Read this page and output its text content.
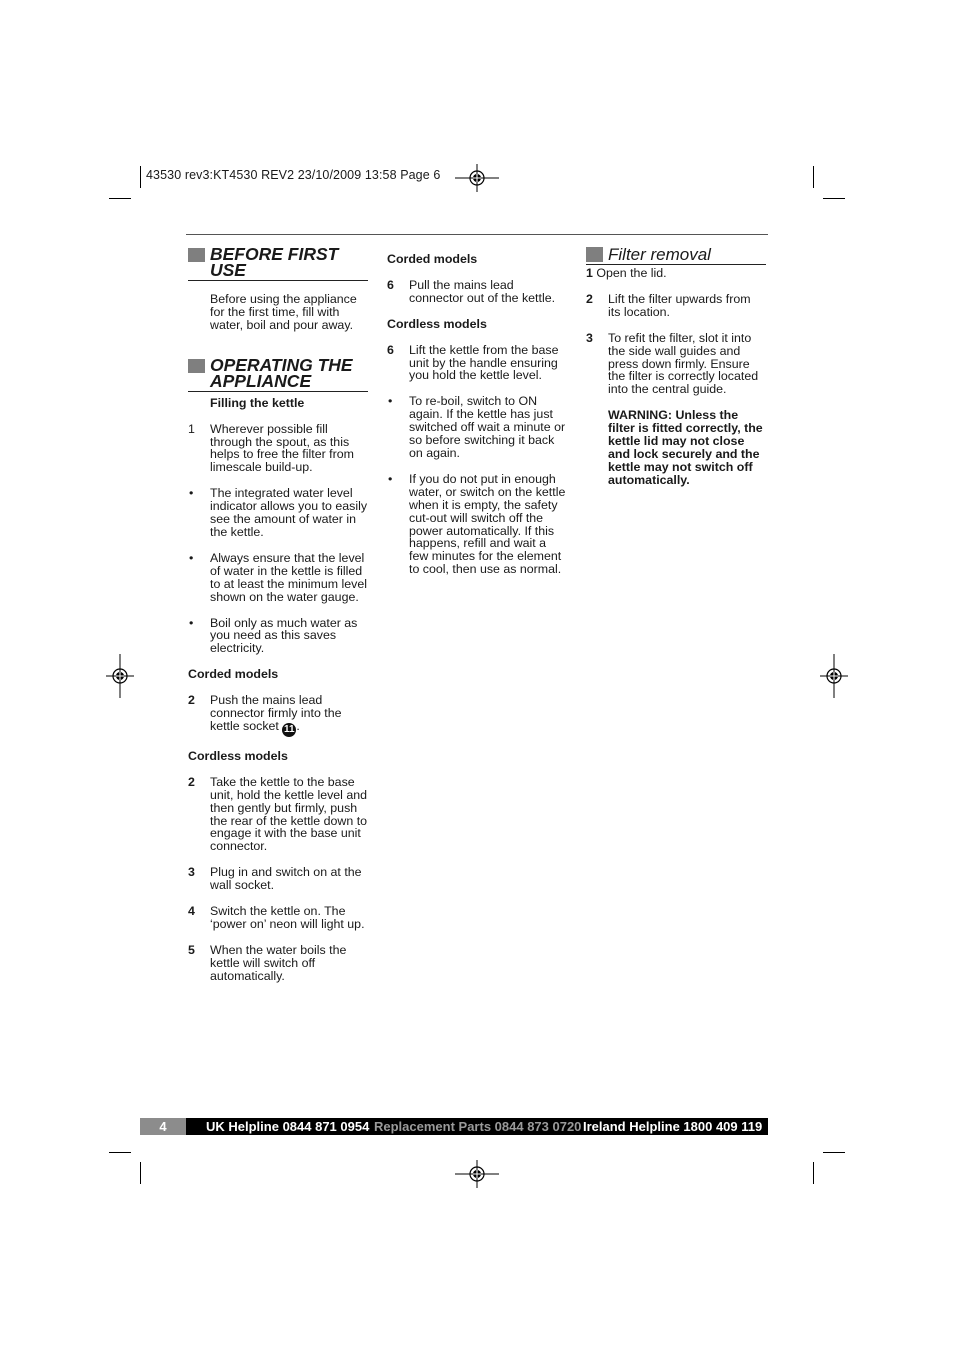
43530 rev3:KT4530 REV2 23/10/2009 13:58 Page 6
BEFORE FIRST
USE

Before using the appliance for the first time, fill with water, boil and pour away.

OPERATING THE
APPLIANCE

Filling the kettle

1 Wherever possible fill through the spout, as this helps to free the filter from limescale build-up.

• The integrated water level indicator allows you to easily see the amount of water in the kettle.

• Always ensure that the level of water in the kettle is filled to at least the minimum level shown on the water gauge.

• Boil only as much water as you need as this saves electricity.

Corded models

2 Push the mains lead connector firmly into the kettle socket 11 .

Cordless models

2 Take the kettle to the base unit, hold the kettle level and then gently but firmly, push the rear of the kettle down to engage it with the base unit connector.

3 Plug in and switch on at the wall socket.

4 Switch the kettle on. The ‘power on’ neon will light up.

5 When the water boils the kettle will switch off automatically.

Corded models

6 Pull the mains lead connector out of the kettle.

Cordless models

6 Lift the kettle from the base unit by the handle ensuring you hold the kettle level.

• To re-boil, switch to ON again. If the kettle has just switched off wait a minute or so before switching it back on again.

• If you do not put in enough water, or switch on the kettle when it is empty, the safety cut-out will switch off the power automatically. If this happens, refill and wait a few minutes for the element to cool, then use as normal.

Filter removal
1 Open the lid.
2 Lift the filter upwards from its location.

3 To refit the filter, slot it into the side wall guides and press down firmly. Ensure the filter is correctly located into the central guide.

WARNING: Unless the filter is fitted correctly, the kettle lid may not close and lock securely and the kettle may not switch off automatically.

4	UK Helpline 0844 871 0954 Replacement Parts 0844 873 0720 Ireland Helpline 1800 409 119
